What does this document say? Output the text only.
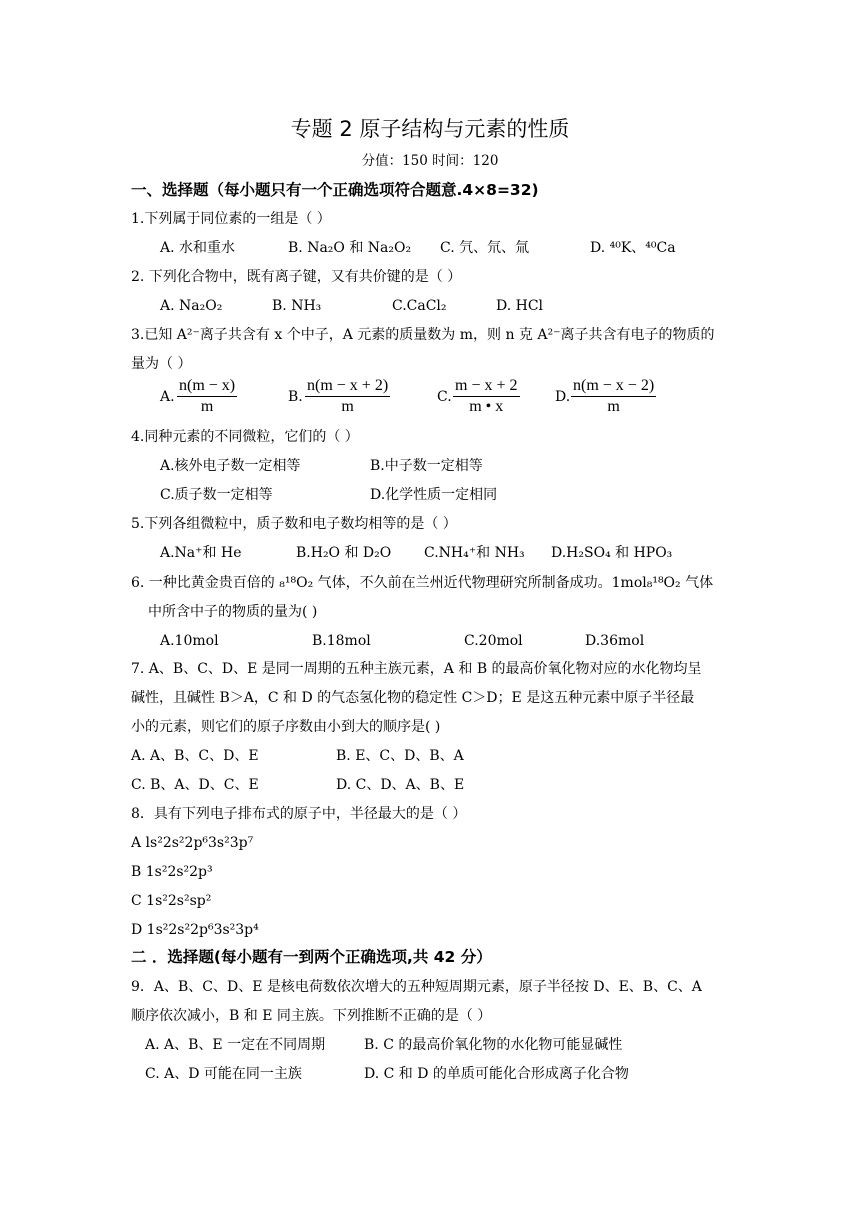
专题 2 原子结构与元素的性质
分值：150 时间：120
一、选择题（每小题只有一个正确选项符合题意.4×8=32)
1.下列属于同位素的一组是（ ）
A. 水和重水	B. Na₂O 和 Na₂O₂ C. 氕、氘、氚	D. ⁴⁰K、⁴⁰Ca
2. 下列化合物中，既有离子键，又有共价键的是（ ）
A. Na₂O₂	B. NH₃	C.CaCl₂	D. HCl
3.已知 A²⁻离子共含有 x 个中子，A 元素的质量数为 m，则 n 克 A²⁻离子共含有电子的物质的
量为（ ）
A.
n(m − x)
m
B.
n(m − x + 2)
m
C.
m − x + 2
m • x
D.
n(m − x − 2)
m
4.同种元素的不同微粒，它们的（ ）
A.核外电子数一定相等	B.中子数一定相等
C.质子数一定相等	D.化学性质一定相同
5.下列各组微粒中，质子数和电子数均相等的是（ ）
A.Na⁺和 He	B.H₂O 和 D₂O C.NH₄⁺和 NH₃ D.H₂SO₄ 和 HPO₃
6. 一种比黄金贵百倍的 ₈¹⁸O₂ 气体，不久前在兰州近代物理研究所制备成功。1mol₈¹⁸O₂ 气体
中所含中子的物质的量为( )
A.10mol	B.18mol	C.20mol	D.36mol
7. A、B、C、D、E 是同一周期的五种主族元素，A 和 B 的最高价氧化物对应的水化物均呈
碱性，且碱性 B＞A，C 和 D 的气态氢化物的稳定性 C＞D；E 是这五种元素中原子半径最
小的元素，则它们的原子序数由小到大的顺序是( )
A. A、B、C、D、E	B. E、C、D、B、A
C. B、A、D、C、E	D. C、D、A、B、E
8．具有下列电子排布式的原子中，半径最大的是（ ）
A ls²2s²2p⁶3s²3p⁷
B 1s²2s²2p³
C 1s²2s²sp²
D 1s²2s²2p⁶3s²3p⁴
二 ．选择题(每小题有一到两个正确选项,共 42 分）
9．A、B、C、D、E 是核电荷数依次增大的五种短周期元素，原子半径按 D、E、B、C、A
顺序依次减小，B 和 E 同主族。下列推断不正确的是（ ）
A. A、B、E 一定在不同周期	B. C 的最高价氧化物的水化物可能显碱性
C. A、D 可能在同一主族	D. C 和 D 的单质可能化合形成离子化合物
